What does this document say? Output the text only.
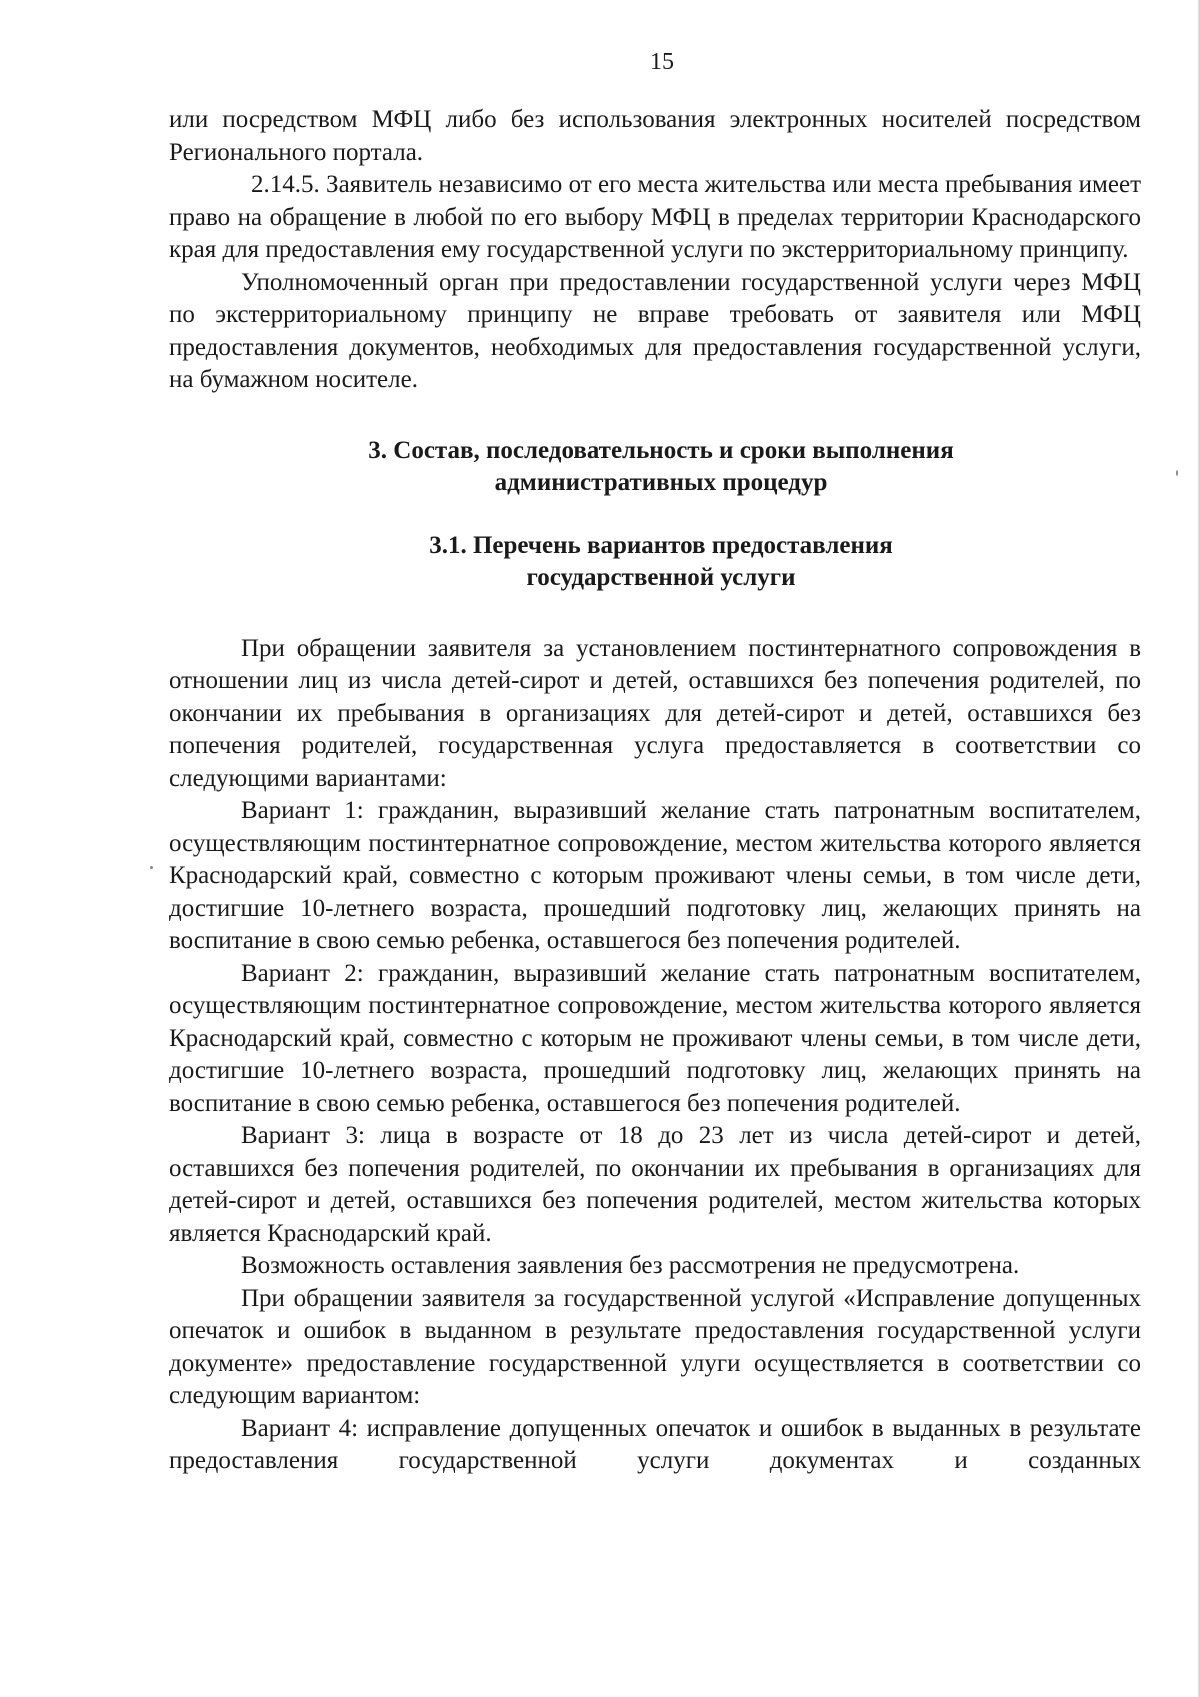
15

или посредством МФЦ либо без использования электронных носителей посредством Регионального портала.

2.14.5. Заявитель независимо от его места жительства или места пребывания имеет право на обращение в любой по его выбору МФЦ в пределах территории Краснодарского края для предоставления ему государственной услуги по экстерриториальному принципу.

Уполномоченный орган при предоставлении государственной услуги через МФЦ по экстерриториальному принципу не вправе требовать от заявителя или МФЦ предоставления документов, необходимых для предоставления государственной услуги, на бумажном носителе.

3. Состав, последовательность и сроки выполнения

административных процедур

3.1. Перечень вариантов предоставления

государственной услуги

При обращении заявителя за установлением постинтернатного сопровождения в отношении лиц из числа детей-сирот и детей, оставшихся без попечения родителей, по окончании их пребывания в организациях для детей-сирот и детей, оставшихся без попечения родителей, государственная услуга предоставляется в соответствии со следующими вариантами:

Вариант 1: гражданин, выразивший желание стать патронатным воспитателем, осуществляющим постинтернатное сопровождение, местом жительства которого является Краснодарский край, совместно с которым проживают члены семьи, в том числе дети, достигшие 10-летнего возраста, прошедший подготовку лиц, желающих принять на воспитание в свою семью ребенка, оставшегося без попечения родителей.

Вариант 2: гражданин, выразивший желание стать патронатным воспитателем, осуществляющим постинтернатное сопровождение, местом жительства которого является Краснодарский край, совместно с которым не проживают члены семьи, в том числе дети, достигшие 10-летнего возраста, прошедший подготовку лиц, желающих принять на воспитание в свою семью ребенка, оставшегося без попечения родителей.

Вариант 3: лица в возрасте от 18 до 23 лет из числа детей-сирот и детей, оставшихся без попечения родителей, по окончании их пребывания в организациях для детей-сирот и детей, оставшихся без попечения родителей, местом жительства которых является Краснодарский край.

Возможность оставления заявления без рассмотрения не предусмотрена.

При обращении заявителя за государственной услугой «Исправление допущенных опечаток и ошибок в выданном в результате предоставления государственной услуги документе» предоставление государственной улуги осуществляется в соответствии со следующим вариантом:

Вариант 4: исправление допущенных опечаток и ошибок в выданных в результате предоставления государственной услуги документах и созданных
